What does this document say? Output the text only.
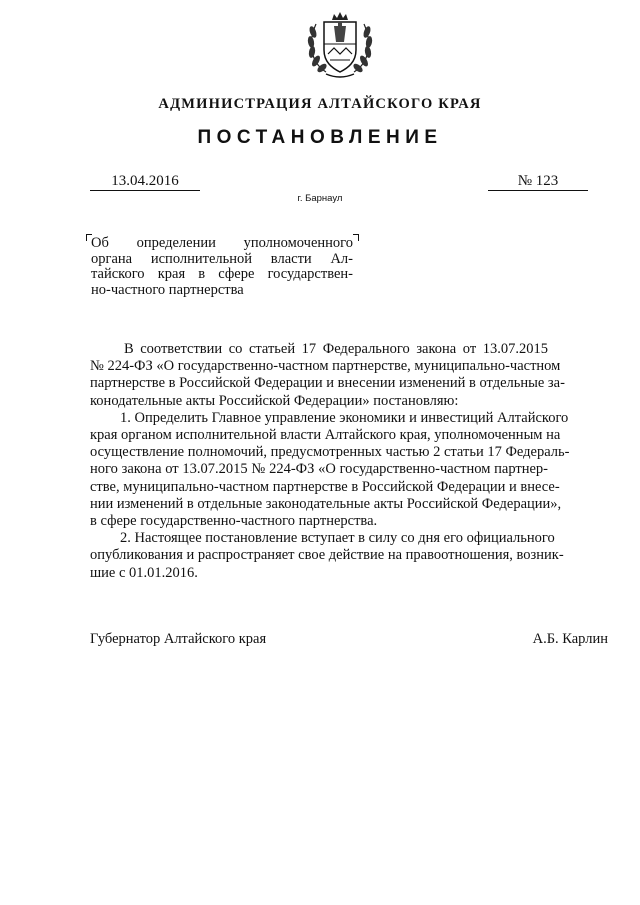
АДМИНИСТРАЦИЯ АЛТАЙСКОГО КРАЯ
ПОСТАНОВЛЕНИЕ
13.04.2016	№ 123
г. Барнаул
Об определении уполномоченного
органа исполнительной власти Ал-
тайского края в сфере государствен-
но-частного партнерства
В соответствии со статьей 17 Федерального закона от 13.07.2015
№ 224-ФЗ «О государственно-частном партнерстве, муниципально-частном
партнерстве в Российской Федерации и внесении изменений в отдельные за-
конодательные акты Российской Федерации» постановляю:
1. Определить Главное управление экономики и инвестиций Алтайского
края органом исполнительной власти Алтайского края, уполномоченным на
осуществление полномочий, предусмотренных частью 2 статьи 17 Федераль-
ного закона от 13.07.2015 № 224-ФЗ «О государственно-частном партнер-
стве, муниципально-частном партнерстве в Российской Федерации и внесе-
нии изменений в отдельные законодательные акты Российской Федерации»,
в сфере государственно-частного партнерства.
2. Настоящее постановление вступает в силу со дня его официального
опубликования и распространяет свое действие на правоотношения, возник-
шие с 01.01.2016.
Губернатор Алтайского края	А.Б. Карлин
